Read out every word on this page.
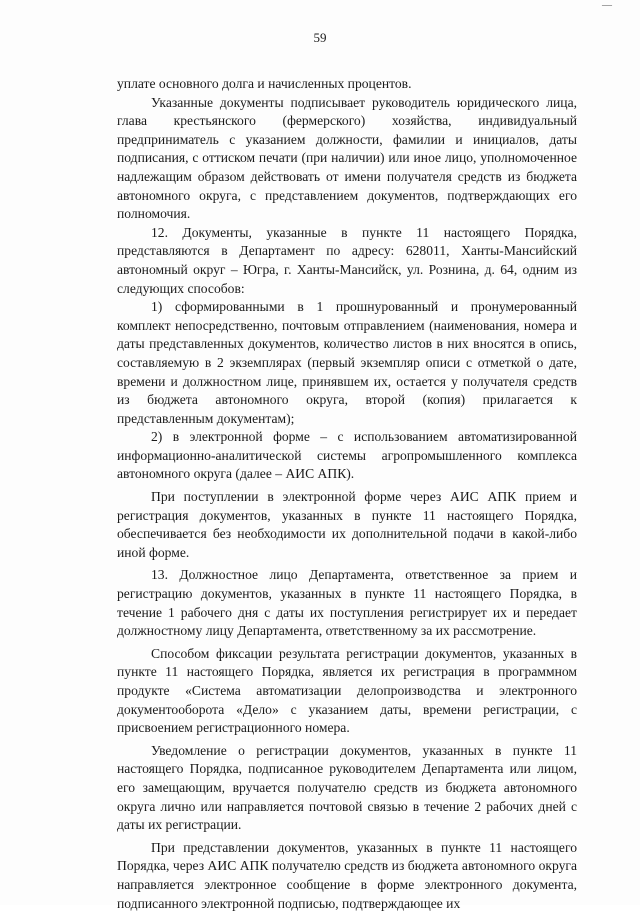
—
59

уплате основного долга и начисленных процентов.

Указанные документы подписывает руководитель юридического лица, глава крестьянского (фермерского) хозяйства, индивидуальный предприниматель с указанием должности, фамилии и инициалов, даты подписания, с оттиском печати (при наличии) или иное лицо, уполномоченное надлежащим образом действовать от имени получателя средств из бюджета автономного округа, с представлением документов, подтверждающих его полномочия.

12. Документы, указанные в пункте 11 настоящего Порядка, представляются в Департамент по адресу: 628011, Ханты-Мансийский автономный округ – Югра, г. Ханты-Мансийск, ул. Рознина, д. 64, одним из следующих способов:

1) сформированными в 1 прошнурованный и пронумерованный комплект непосредственно, почтовым отправлением (наименования, номера и даты представленных документов, количество листов в них вносятся в опись, составляемую в 2 экземплярах (первый экземпляр описи с отметкой о дате, времени и должностном лице, принявшем их, остается у получателя средств из бюджета автономного округа, второй (копия) прилагается к представленным документам);

2) в электронной форме – с использованием автоматизированной информационно-аналитической системы агропромышленного комплекса автономного округа (далее – АИС АПК).

При поступлении в электронной форме через АИС АПК прием и регистрация документов, указанных в пункте 11 настоящего Порядка, обеспечивается без необходимости их дополнительной подачи в какой-либо иной форме.

13. Должностное лицо Департамента, ответственное за прием и регистрацию документов, указанных в пункте 11 настоящего Порядка, в течение 1 рабочего дня с даты их поступления регистрирует их и передает должностному лицу Департамента, ответственному за их рассмотрение.

Способом фиксации результата регистрации документов, указанных в пункте 11 настоящего Порядка, является их регистрация в программном продукте «Система автоматизации делопроизводства и электронного документооборота «Дело» с указанием даты, времени регистрации, с присвоением регистрационного номера.

Уведомление о регистрации документов, указанных в пункте 11 настоящего Порядка, подписанное руководителем Департамента или лицом, его замещающим, вручается получателю средств из бюджета автономного округа лично или направляется почтовой связью в течение 2 рабочих дней с даты их регистрации.

При представлении документов, указанных в пункте 11 настоящего Порядка, через АИС АПК получателю средств из бюджета автономного округа направляется электронное сообщение в форме электронного документа, подписанного электронной подписью, подтверждающее их
